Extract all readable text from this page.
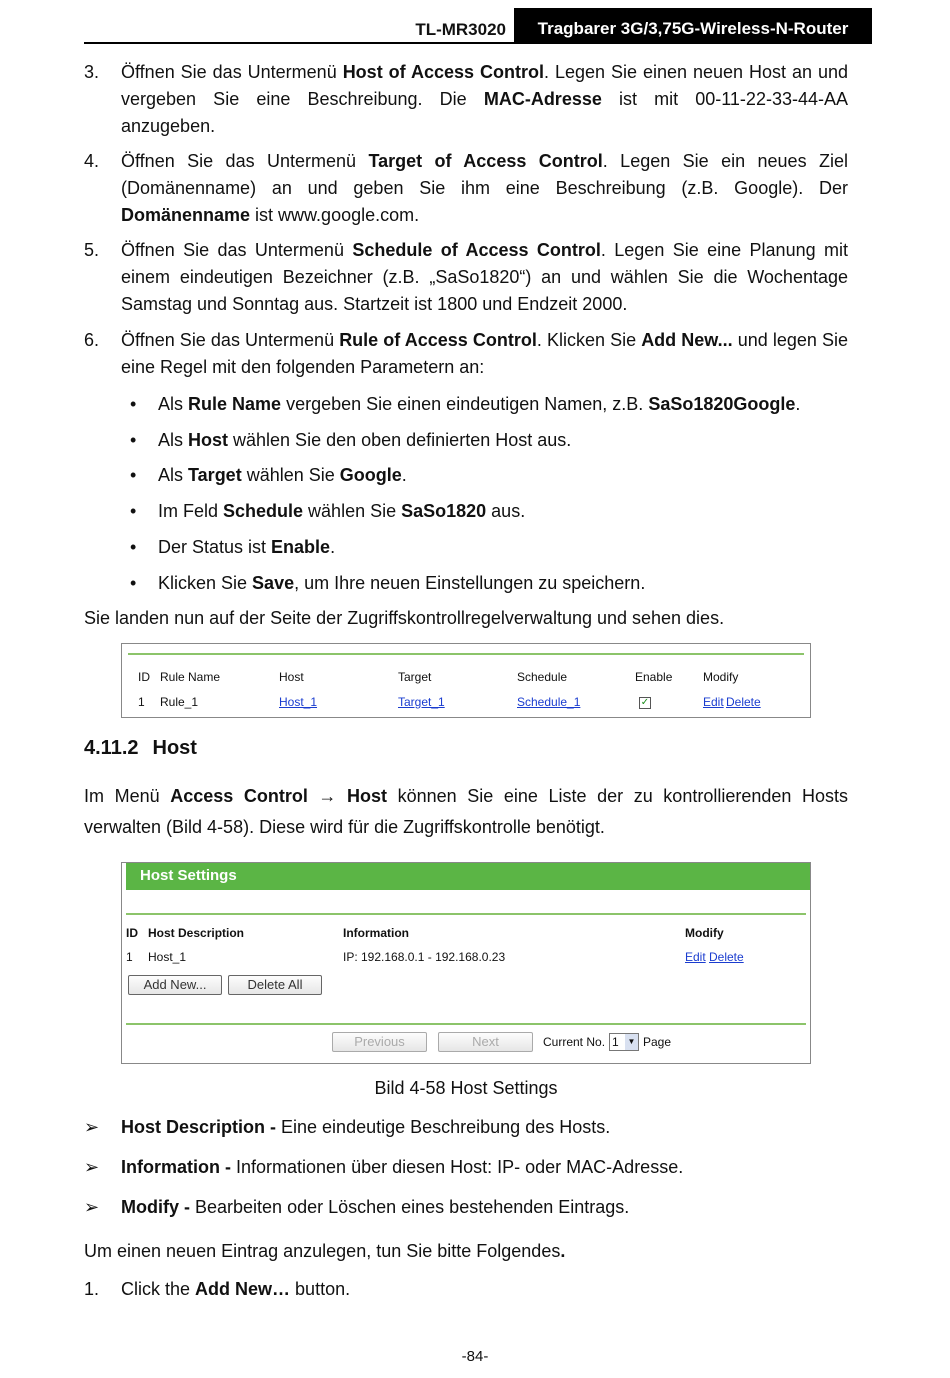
TL-MR3020	Tragbarer 3G/3,75G-Wireless-N-Router
3. Öffnen Sie das Untermenü Host of Access Control. Legen Sie einen neuen Host an und vergeben Sie eine Beschreibung. Die MAC-Adresse ist mit 00-11-22-33-44-AA anzugeben.
4. Öffnen Sie das Untermenü Target of Access Control. Legen Sie ein neues Ziel (Domänenname) an und geben Sie ihm eine Beschreibung (z.B. Google). Der Domänenname ist www.google.com.
5. Öffnen Sie das Untermenü Schedule of Access Control. Legen Sie eine Planung mit einem eindeutigen Bezeichner (z.B. „SaSo1820“) an und wählen Sie die Wochentage Samstag und Sonntag aus. Startzeit ist 1800 und Endzeit 2000.
6. Öffnen Sie das Untermenü Rule of Access Control. Klicken Sie Add New... und legen Sie eine Regel mit den folgenden Parametern an:
• Als Rule Name vergeben Sie einen eindeutigen Namen, z.B. SaSo1820Google.
• Als Host wählen Sie den oben definierten Host aus.
• Als Target wählen Sie Google.
• Im Feld Schedule wählen Sie SaSo1820 aus.
• Der Status ist Enable.
• Klicken Sie Save, um Ihre neuen Einstellungen zu speichern.
Sie landen nun auf der Seite der Zugriffskontrollregelverwaltung und sehen dies.
ID Rule Name	Host	Target	Schedule	Enable	Modify
1 Rule_1	Host_1	Target_1	Schedule_1	✓	Edit Delete
4.11.2 Host
Im Menü Access Control → Host können Sie eine Liste der zu kontrollierenden Hosts verwalten (Bild 4-58). Diese wird für die Zugriffskontrolle benötigt.
Host Settings
ID Host Description	Information	Modify
1 Host_1	IP: 192.168.0.1 - 192.168.0.23	Edit Delete
Add New...	Delete All
Previous	Next	Current No. 1	▼ Page
Bild 4-58 Host Settings
➢ Host Description - Eine eindeutige Beschreibung des Hosts.
➢ Information - Informationen über diesen Host: IP- oder MAC-Adresse.
➢ Modify - Bearbeiten oder Löschen eines bestehenden Eintrags.
Um einen neuen Eintrag anzulegen, tun Sie bitte Folgendes.
1. Click the Add New… button.
-84-
